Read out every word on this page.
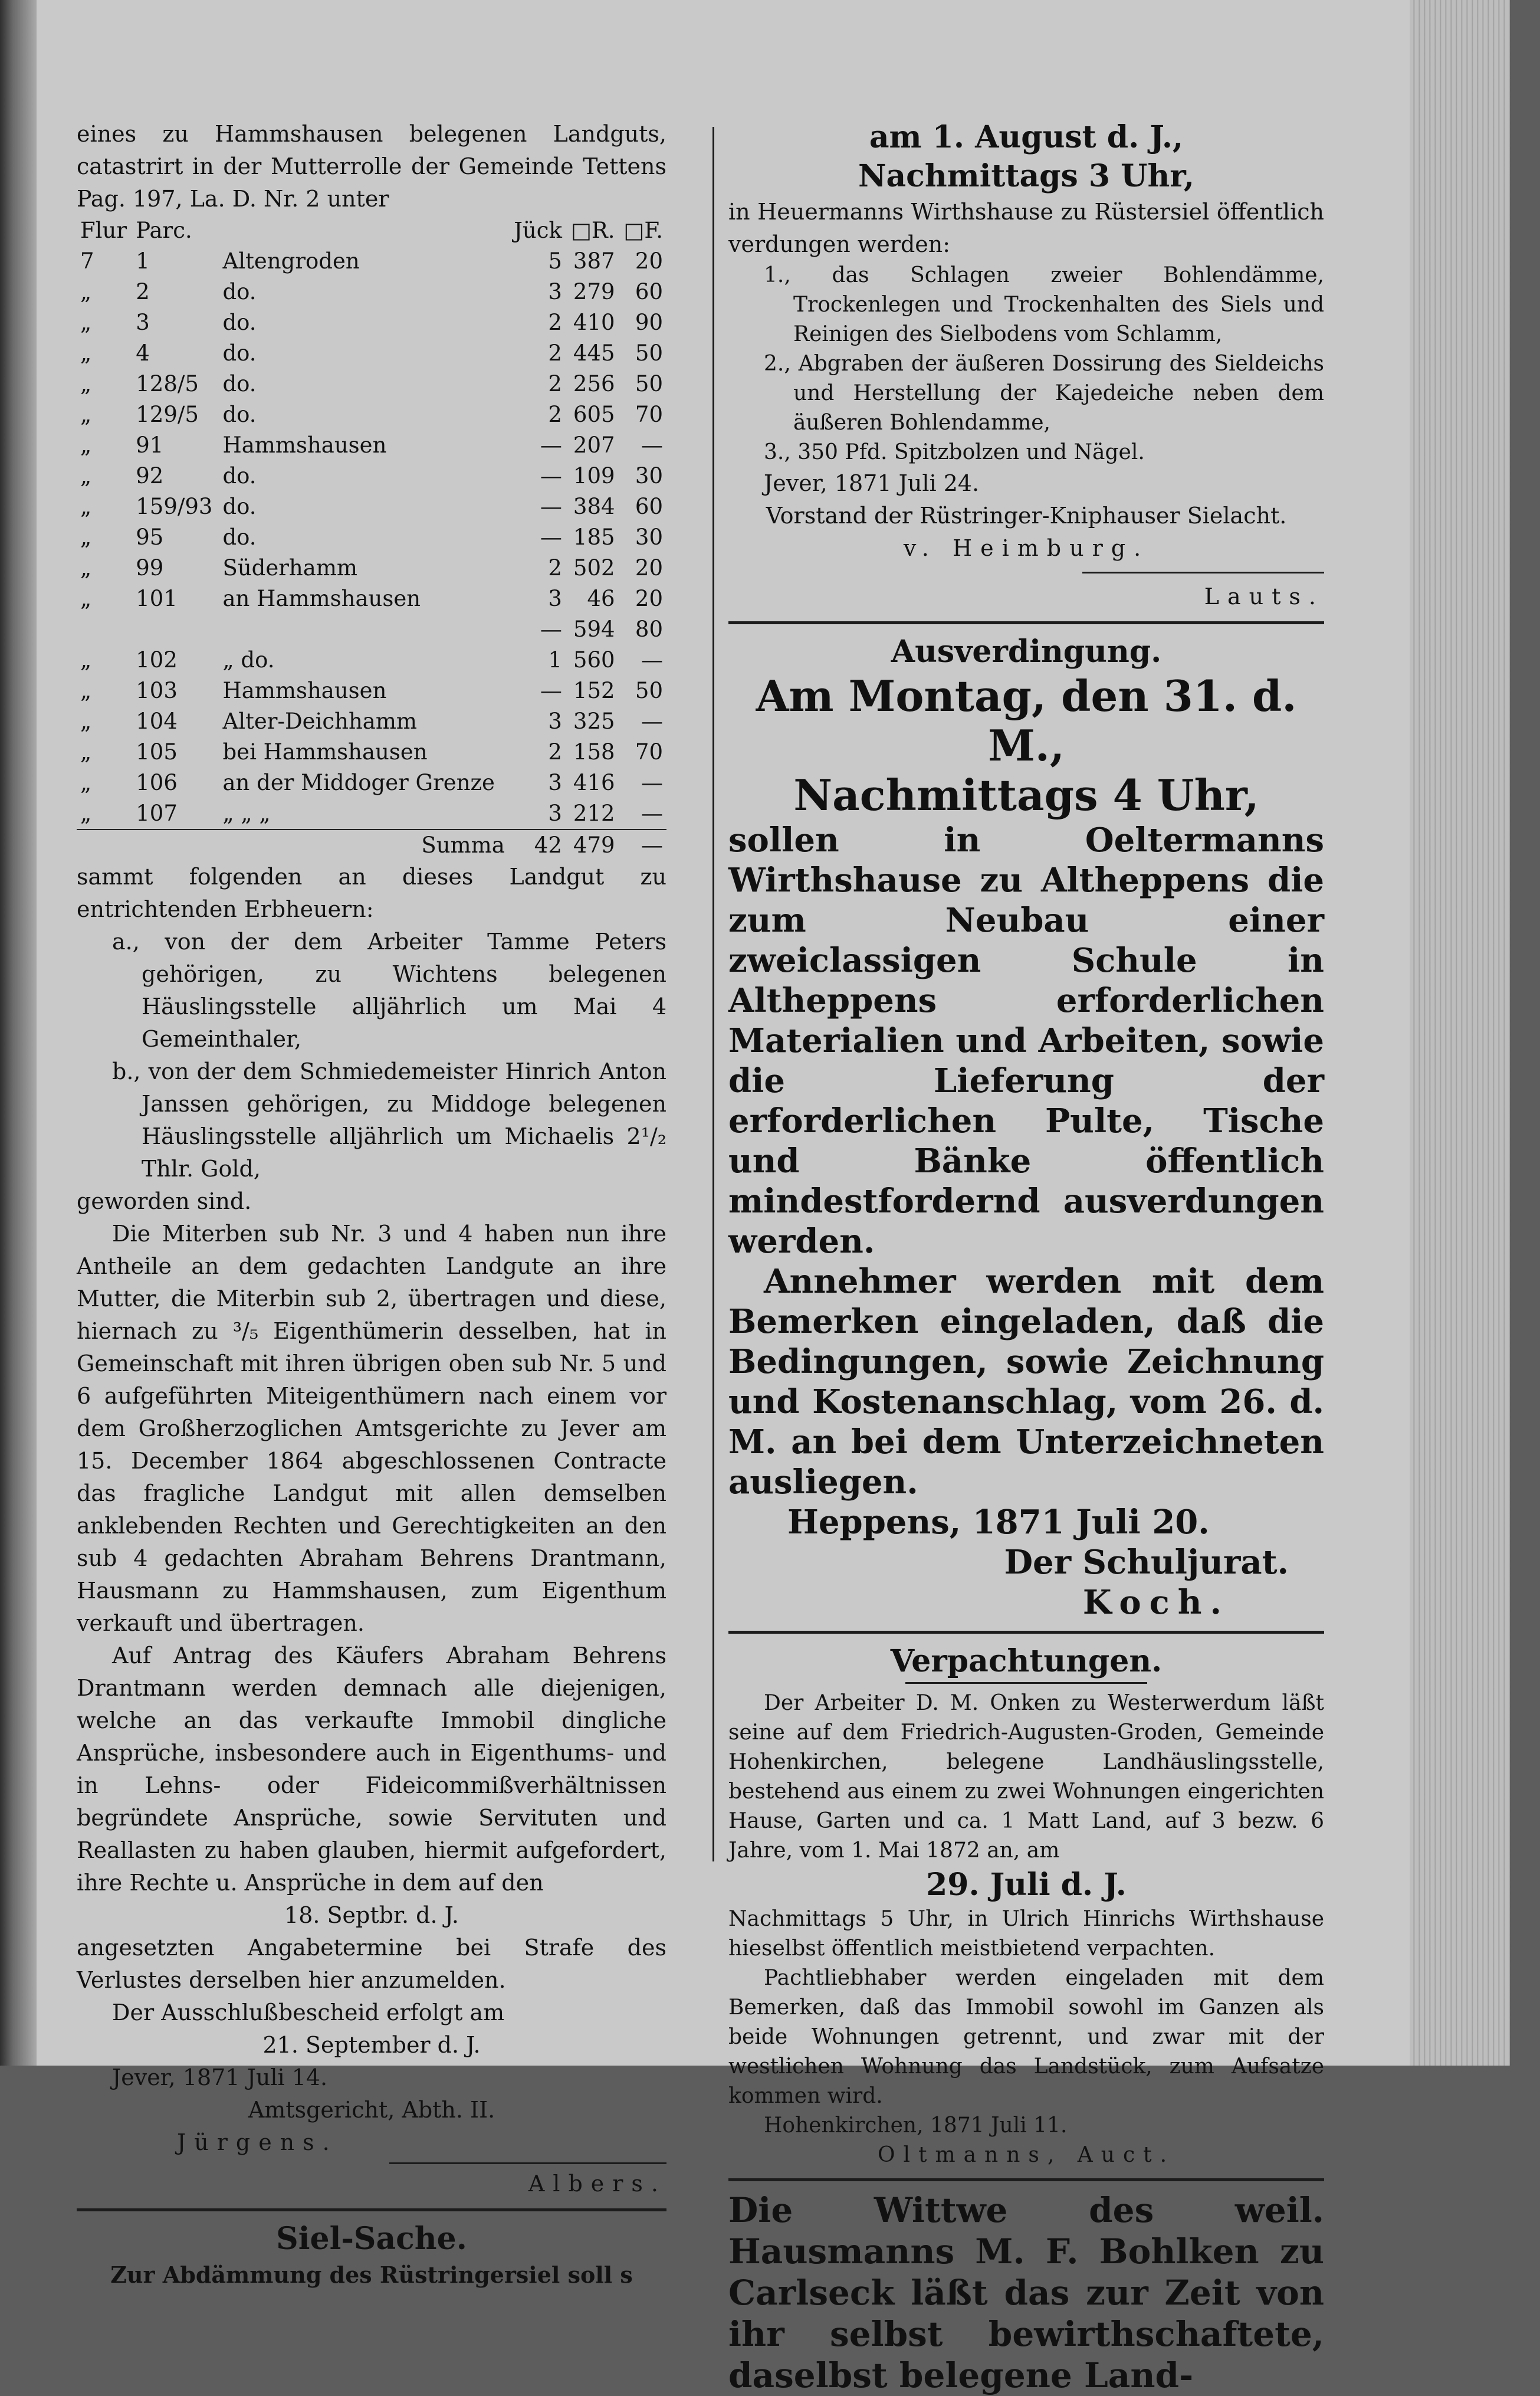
eines zu Hammshausen belegenen Landguts, catastrirt in der Mutterrolle der Gemeinde Tettens Pag. 197, La. D. Nr. 2 unter

Flur	Parc.		Jück	□R.	□F.
7	1	Altengroden	5	387	20
„	2	do.	3	279	60
„	3	do.	2	410	90
„	4	do.	2	445	50
„	128/5	do.	2	256	50
„	129/5	do.	2	605	70
„	91	Hammshausen	—	207	—
„	92	do.	—	109	30
„	159/93	do.	—	384	60
„	95	do.	—	185	30
„	99	Süderhamm	2	502	20
„	101	an Hammshausen	3	46	20
			—	594	80
„	102	„ do.	1	560	—
„	103	Hammshausen	—	152	50
„	104	Alter-Deichhamm	3	325	—
„	105	bei Hammshausen	2	158	70
„	106	an der Middoger Grenze	3	416	—
„	107	„ „ „	3	212	—
		Summa	42	479	—

sammt folgenden an dieses Landgut zu entrichtenden Erbheuern:

a., von der dem Arbeiter Tamme Peters gehörigen, zu Wichtens belegenen Häuslingsstelle alljährlich um Mai 4 Gemeinthaler,

b., von der dem Schmiedemeister Hinrich Anton Janssen gehörigen, zu Middoge belegenen Häuslingsstelle alljährlich um Michaelis 2¹/₂ Thlr. Gold,

geworden sind.

Die Miterben sub Nr. 3 und 4 haben nun ihre Antheile an dem gedachten Landgute an ihre Mutter, die Miterbin sub 2, übertragen und diese, hiernach zu ³/₅ Eigenthümerin desselben, hat in Gemeinschaft mit ihren übrigen oben sub Nr. 5 und 6 aufgeführten Miteigenthümern nach einem vor dem Großherzoglichen Amtsgerichte zu Jever am 15. December 1864 abgeschlossenen Contracte das fragliche Landgut mit allen demselben anklebenden Rechten und Gerechtigkeiten an den sub 4 gedachten Abraham Behrens Drantmann, Hausmann zu Hammshausen, zum Eigenthum verkauft und übertragen.

Auf Antrag des Käufers Abraham Behrens Drantmann werden demnach alle diejenigen, welche an das verkaufte Immobil dingliche Ansprüche, insbesondere auch in Eigenthums- und in Lehns- oder Fideicommißverhältnissen begründete Ansprüche, sowie Servituten und Reallasten zu haben glauben, hiermit aufgefordert, ihre Rechte u. Ansprüche in dem auf den

18. Septbr. d. J.

angesetzten Angabetermine bei Strafe des Verlustes derselben hier anzumelden.

Der Ausschlußbescheid erfolgt am

21. September d. J.

Jever, 1871 Juli 14.

Amtsgericht, Abth. II.

Jürgens.

Albers.

Siel-Sache.

Zur Abdämmung des Rüstringersiel soll s

am 1. August d. J.,

Nachmittags 3 Uhr,

in Heuermanns Wirthshause zu Rüstersiel öffentlich verdungen werden:

1., das Schlagen zweier Bohlendämme, Trockenlegen und Trockenhalten des Siels und Reinigen des Sielbodens vom Schlamm,

2., Abgraben der äußeren Dossirung des Sieldeichs und Herstellung der Kajedeiche neben dem äußeren Bohlendamme,

3., 350 Pfd. Spitzbolzen und Nägel.

Jever, 1871 Juli 24.

Vorstand der Rüstringer-Kniphauser Sielacht.

v. Heimburg.

Lauts.

Ausverdingung.

Am Montag, den 31. d. M.,

Nachmittags 4 Uhr,

sollen in Oeltermanns Wirthshause zu Altheppens die zum Neubau einer zweiclassigen Schule in Altheppens erforderlichen Materialien und Arbeiten, sowie die Lieferung der erforderlichen Pulte, Tische und Bänke öffentlich mindestfordernd ausverdungen werden.

Annehmer werden mit dem Bemerken eingeladen, daß die Bedingungen, sowie Zeichnung und Kostenanschlag, vom 26. d. M. an bei dem Unterzeichneten ausliegen.

Heppens, 1871 Juli 20.

Der Schuljurat.

Koch.

Verpachtungen.

Der Arbeiter D. M. Onken zu Westerwerdum läßt seine auf dem Friedrich-Augusten-Groden, Gemeinde Hohenkirchen, belegene Landhäuslingsstelle, bestehend aus einem zu zwei Wohnungen eingerichten Hause, Garten und ca. 1 Matt Land, auf 3 bezw. 6 Jahre, vom 1. Mai 1872 an, am

29. Juli d. J.

Nachmittags 5 Uhr, in Ulrich Hinrichs Wirthshause hieselbst öffentlich meistbietend verpachten.

Pachtliebhaber werden eingeladen mit dem Bemerken, daß das Immobil sowohl im Ganzen als beide Wohnungen getrennt, und zwar mit der westlichen Wohnung das Landstück, zum Aufsatze kommen wird.

Hohenkirchen, 1871 Juli 11.

Oltmanns, Auct.

Die Wittwe des weil. Hausmanns M. F. Bohlken zu Carlseck läßt das zur Zeit von ihr selbst bewirthschaftete, daselbst belegene Land-
